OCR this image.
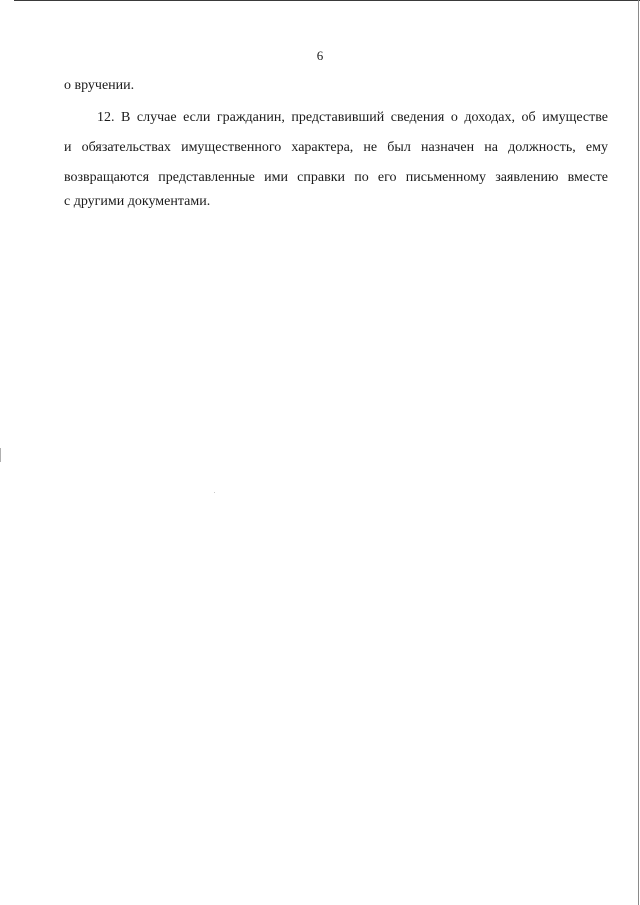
6
о вручении.
12. В случае если гражданин, представивший сведения о доходах, об имуществе
и обязательствах имущественного характера, не был назначен на должность, ему
возвращаются представленные ими справки по его письменному заявлению вместе
с другими документами.
